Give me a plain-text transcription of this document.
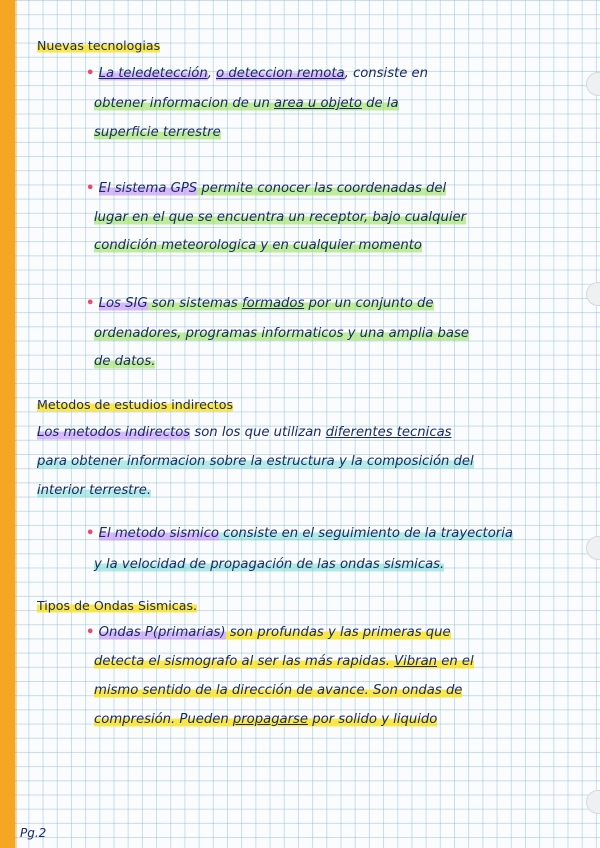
Nuevas tecnologias

• La teledetección, o deteccion remota, consiste en

obtener informacion de un area u objeto de la

superficie terrestre

• El sistema GPS permite conocer las coordenadas del

lugar en el que se encuentra un receptor, bajo cualquier

condición meteorologica y en cualquier momento

• Los SIG son sistemas formados por un conjunto de

ordenadores, programas informaticos y una amplia base

de datos.

Metodos de estudios indirectos

Los metodos indirectos son los que utilizan diferentes tecnicas

para obtener informacion sobre la estructura y la composición del

interior terrestre.

• El metodo sismico consiste en el seguimiento de la trayectoria

y la velocidad de propagación de las ondas sismicas.

Tipos de Ondas Sismicas.

• Ondas P(primarias) son profundas y las primeras que

detecta el sismografo al ser las más rapidas. Vibran en el

mismo sentido de la dirección de avance. Son ondas de

compresión. Pueden propagarse por solido y liquido

Pg.2
